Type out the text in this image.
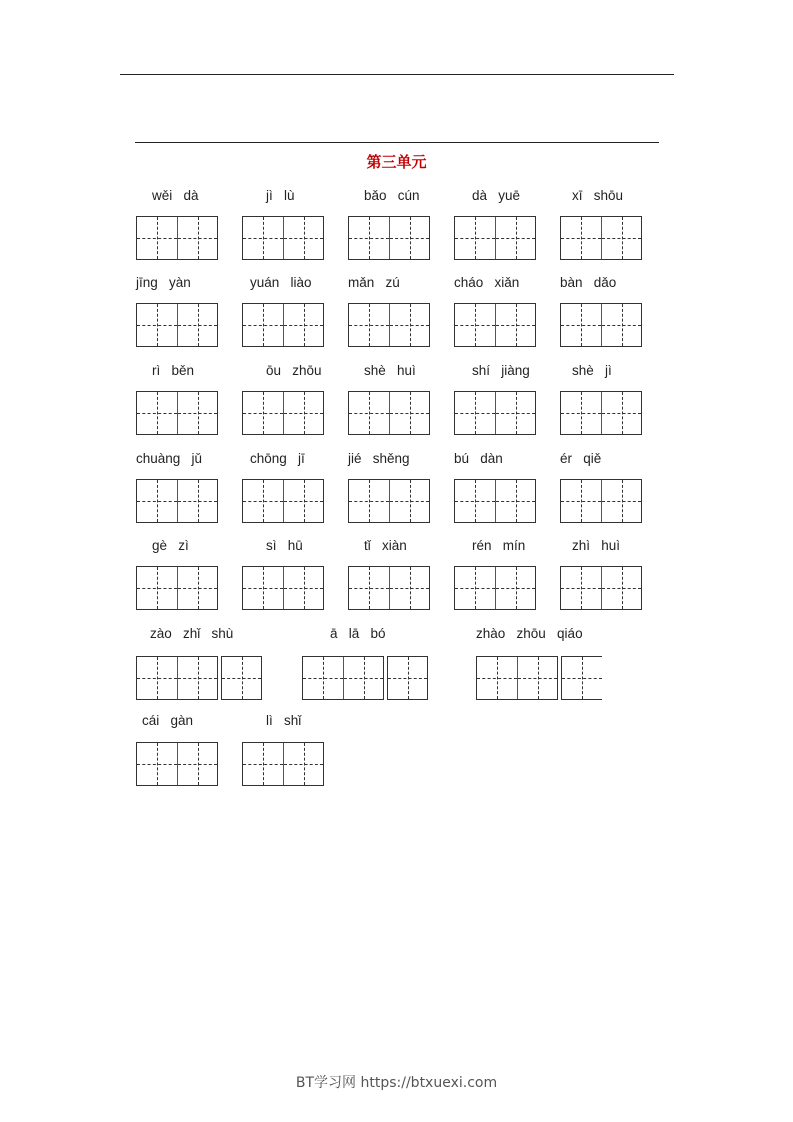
第三单元
wěi   dà	jì   lù	bǎo   cún	dà   yuē	xī   shōu
jīng   yàn	yuán   liào	mǎn   zú	cháo   xiǎn	bàn   dǎo
rì   běn	ōu   zhōu	shè   huì	shí   jiàng	shè   jì
chuàng   jǔ	chōng   jī	jié   shěng	bú   dàn	ér   qiě
gè   zì	sì   hū	tǐ   xiàn	rén   mín	zhì   huì
zào   zhǐ   shù	ā   lā   bó	zhào   zhōu   qiáo
cái   gàn	lì   shǐ
BT学习网 https://btxuexi.com
